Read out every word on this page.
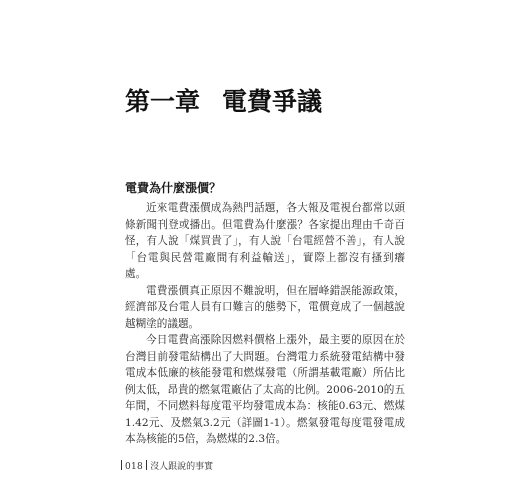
第一章 電費爭議
電費為什麼漲價？

近來電費漲價成為熱門話題，各大報及電視台都常以頭條新聞刊登或播出。但電費為什麼漲？各家提出理由千奇百怪，有人說「煤買貴了」，有人說「台電經營不善」，有人說「台電與民營電廠間有利益輸送」，實際上都沒有搔到癢處。

電費漲價真正原因不難說明，但在層峰錯誤能源政策，經濟部及台電人員有口難言的態勢下，電價竟成了一個越說越糊塗的議題。

今日電費高漲除因燃料價格上漲外，最主要的原因在於台灣目前發電結構出了大問題。台灣電力系統發電結構中發電成本低廉的核能發電和燃煤發電（所謂基載電廠）所佔比例太低，昂貴的燃氣電廠佔了太高的比例。2006-2010的五年間，不同燃料每度電平均發電成本為：核能0.63元、燃煤1.42元、及燃氣3.2元（詳圖1-1）。燃氣發電每度電發電成本為核能的5倍，為燃煤的2.3倍。

018 沒人跟說的事實
